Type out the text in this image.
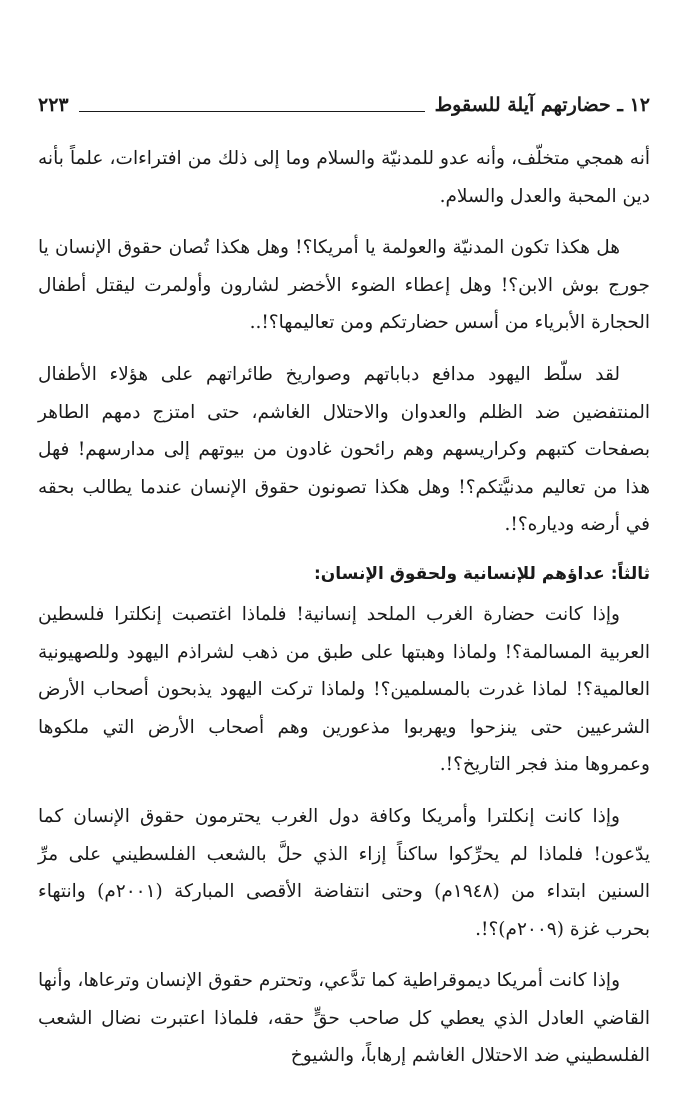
١٢ ـ حضارتهم آيلة للسقوط
٢٢٣

أنه همجي متخلّف، وأنه عدو للمدنيّة والسلام وما إلى ذلك من افتراءات، علماً بأنه دين المحبة والعدل والسلام.

هل هكذا تكون المدنيّة والعولمة يا أمريكا؟! وهل هكذا تُصان حقوق الإنسان يا جورج بوش الابن؟! وهل إعطاء الضوء الأخضر لشارون وأولمرت ليقتل أطفال الحجارة الأبرياء من أسس حضارتكم ومن تعاليمها؟!..

لقد سلّط اليهود مدافع دباباتهم وصواريخ طائراتهم على هؤلاء الأطفال المنتفضين ضد الظلم والعدوان والاحتلال الغاشم، حتى امتزج دمهم الطاهر بصفحات كتبهم وكراريسهم وهم رائحون غادون من بيوتهم إلى مدارسهم! فهل هذا من تعاليم مدنيَّتكم؟! وهل هكذا تصونون حقوق الإنسان عندما يطالب بحقه في أرضه ودياره؟!.

ثالثاً: عداؤهم للإنسانية ولحقوق الإنسان:

وإذا كانت حضارة الغرب الملحد إنسانية! فلماذا اغتصبت إنكلترا فلسطين العربية المسالمة؟! ولماذا وهبتها على طبق من ذهب لشراذم اليهود وللصهيونية العالمية؟! لماذا غدرت بالمسلمين؟! ولماذا تركت اليهود يذبحون أصحاب الأرض الشرعيين حتى ينزحوا ويهربوا مذعورين وهم أصحاب الأرض التي ملكوها وعمروها منذ فجر التاريخ؟!.

وإذا كانت إنكلترا وأمريكا وكافة دول الغرب يحترمون حقوق الإنسان كما يدّعون! فلماذا لم يحرِّكوا ساكناً إزاء الذي حلَّ بالشعب الفلسطيني على مرِّ السنين ابتداء من (١٩٤٨م) وحتى انتفاضة الأقصى المباركة (٢٠٠١م) وانتهاء بحرب غزة (٢٠٠٩م)؟!.

وإذا كانت أمريكا ديموقراطية كما تدَّعي، وتحترم حقوق الإنسان وترعاها، وأنها القاضي العادل الذي يعطي كل صاحب حقٍّ حقه، فلماذا اعتبرت نضال الشعب الفلسطيني ضد الاحتلال الغاشم إرهاباً، والشيوخ
